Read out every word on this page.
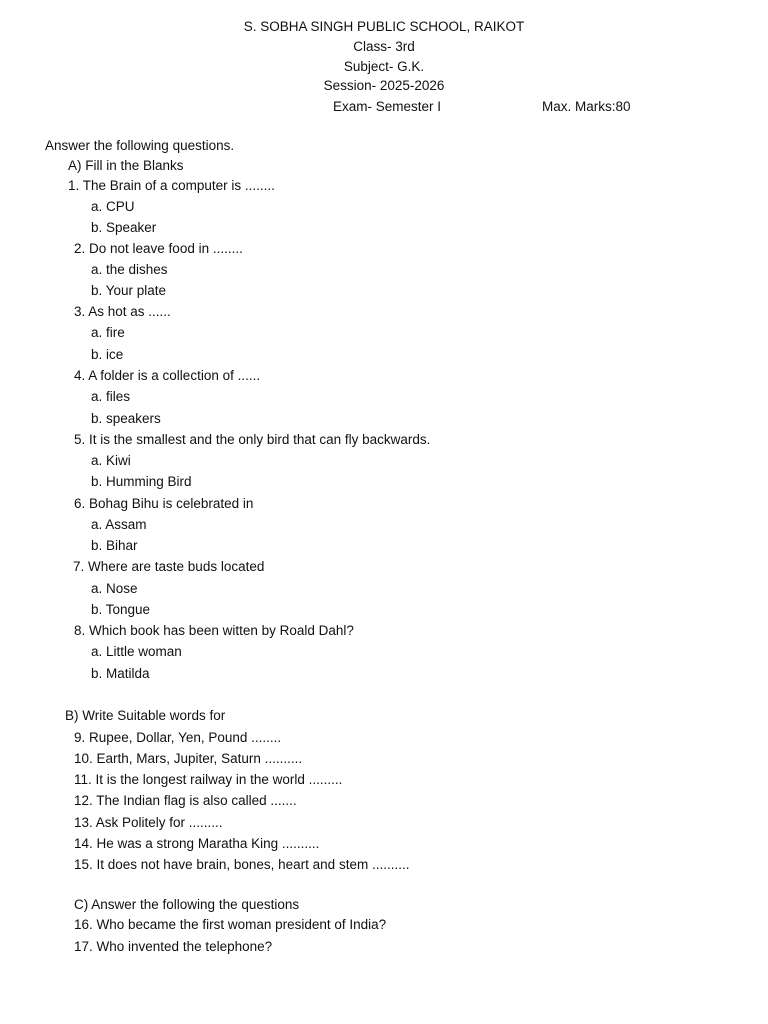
S. SOBHA SINGH PUBLIC SCHOOL, RAIKOT
Class- 3rd
Subject- G.K.
Session- 2025-2026
Exam- Semester I	Max. Marks:80
Answer the following questions.
A) Fill in the Blanks
1. The Brain of a computer is ........
a. CPU
b. Speaker
2. Do not leave food in ........
a. the dishes
b. Your plate
3. As hot as ......
a. fire
b. ice
4. A folder is a collection of ......
a. files
b. speakers
5. It is the smallest and the only bird that can fly backwards.
a. Kiwi
b. Humming Bird
6. Bohag Bihu is celebrated in
a. Assam
b. Bihar
7. Where are taste buds located
a. Nose
b. Tongue
8. Which book has been witten by Roald Dahl?
a. Little woman
b. Matilda
B) Write Suitable words for
9. Rupee, Dollar, Yen, Pound ........
10. Earth, Mars, Jupiter, Saturn ..........
11. It is the longest railway in the world .........
12. The Indian flag is also called .......
13. Ask Politely for .........
14. He was a strong Maratha King ..........
15. It does not have brain, bones, heart and stem ..........
C) Answer the following the questions
16. Who became the first woman president of India?
17. Who invented the telephone?
